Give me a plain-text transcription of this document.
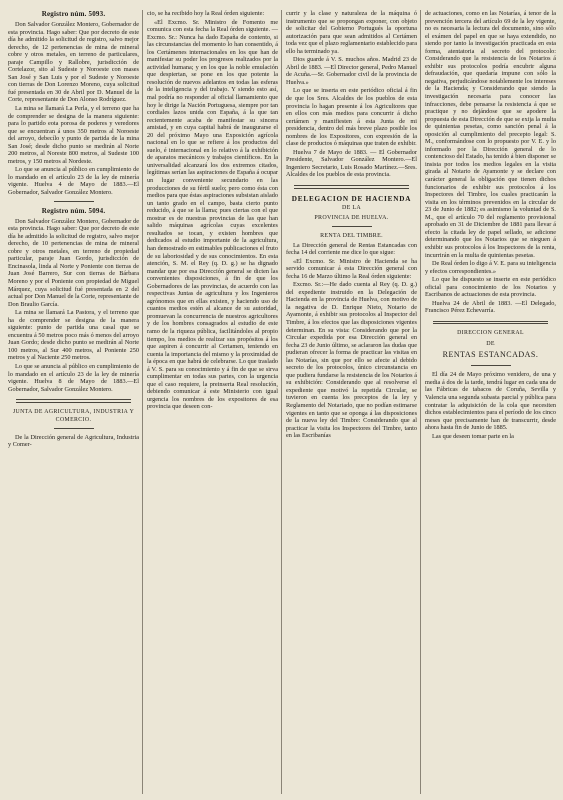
Registro núm. 5093.

Don Salvador González Montero, Gobernador de esta provincia. Hago saber: Que por decreto de este día he admitido la solicitud de registro, salvo mejor derecho, de 12 pertenencias de mina de mineral cobre y otros metales, en terreno de particulares, paraje Campillo y Rallobre, jurisdicción de Cortelazor, sito al Sudeste y Noroeste con mases San José y San Luis y por el Sudeste y Noroeste con tierras de Don Lorenzo Moreno, cuya solicitud fué presentada en 30 de Abril por D. Manuel de la Corte, representante de Don Alonso Rodríguez.

La mina se llamará La Perla, y el terreno que ha de comprender se designa de la manera siguiente: para lo partido eota porosa de poderes y veredores que se encuentran á unos 350 metros al Noroeste del arroyo, debecílo y punto de partida de la mina San José; desde dicho punto se medirán al Norte 200 metros, al Noreste 800 metros, al Sudeste 100 metros, y 150 metros al Nordeste.

Lo que se anuncia al público en cumplimiento de lo mandado en el artículo 23 de la ley de minería vigente. Huelva 4 de Mayo de 1883.—El Gobernador, Salvador González Montero.

Registro núm. 5094.

Don Salvador González Montero, Gobernador de esta provincia. Hago saber: Que por decreto de este día he admitido la solicitud de registro, salvo mejor derecho, de 10 pertenencias de mina de mineral cobre y otros metales, en terreno de propiedad particular, paraje Juan Gordo, jurisdicción de Encinasola, linda al Norte y Poniente con tierras de Juan José Barrero, Sur con tierras de Bárbara Moreno y por el Poniente con propiedad de Miguel Márquez, cuya solicitud fué presentada en 2 del actual por Don Manuel de la Corte, representante de Don Braulio García.

La mina se llamará La Pastora, y el terreno que ha de comprender se designa de la manera siguiente: punto de partida una casal que se encuentra á 50 metros poco más ó menos del arroyo Juan Gordo; desde dicho punto se medirán al Norte 100 metros, al Sur 400 metros, al Poniente 250 metros y al Naciente 250 metros.

Lo que se anuncia al público en cumplimiento de lo mandado en el artículo 23 de la ley de minería vigente. Huelva 8 de Mayo de 1883.—El Gobernador, Salvador González Montero.

JUNTA DE AGRICULTURA, INDUSTRIA Y COMERCIO.

De la Dirección general de Agricultura, Industria y Comer-

cio, se ha recibido hoy la Real órden siguiente:

«El Excmo. Sr. Ministro de Fomento me comunica con esta fecha la Real órden siguiente. — Excmo. Sr.: Nunca ha dado España de contento, si las circunstancias del momento lo han consentido, á los Certámenes internacionales en los que han de manifestar su poder los progresos realizados por la actividad humana; y en los que la noble emulación que despiertan, se pone en los que potente la resolución de nuevos adelantos en todas las esferas de la inteligencia y del trabajo. Y siendo esto así, mal podría no responder al oficial llamamiento que hoy le dirige la Nación Portuguesa, siempre por tan cordiales lazos unida con España, á la que tan recientemente acaba de manifestar su sincera amistad, y en cuya capital habrá de inaugurarse el 20 del próximo Mayo una Exposición agrícola nacional en lo que se refiere á los productos del suelo, é internacional en lo relativo á la exhibición de aparatos mecánicos y trabajos científicos. En la universalidad alcanzará los dos extremos citados, legítimas serían las aspiraciones de España á ocupar un lugar conveniente secundario en las producciones de su fértil suelo; pero como ésta con medios para que éstas aspiraciones subsistan aislado un tanto grado en el campo, basta cierto punto reducido, á que se la llama; pues ciertas con el que mostrar es de nuestras provincias de las que han salido máquinas agrícolas cuyas excelentes resultados se tocan, y existen hombres que dedicados al estudio importante de la agricultura, han demostrado en estimables publicaciones el fruto de su laboriosidad y de sus conocimientos. En esta atención, S. M. el Rey (q. D. g.) se ha dignado mandar que por esa Dirección general se dicten las convenientes disposiciones, á fin de que los Gobernadores de las provincias, de acuerdo con las respectivas Juntas de agricultura y los Ingenieros agrónomos que en ellas existen, y haciendo uso de cuantos medios estén al alcance de su autoridad, promuevan la concurrencia de nuestros agricultores y de los hombres consagrados al estudio de este ramo de la riqueza pública, facilitándoles al propio tiempo, los medios de realizar sus propósitos á los que aspiren á concurrir al Certamen, teniendo en cuenta la importancia del mismo y la proximidad de la época en que habrá de celebrarse. Lo que traslado á V. S. para su conocimiento y á fin de que se sirva cumplimentar en todas sus partes, con la urgencia que el caso requiere, la preinserta Real resolución, debiendo comunicar á este Ministerio con igual urgencia los nombres de los expositores de esa provincia que deseen con-

currir y la clase y naturaleza de la máquina ó instrumento que se propongan exponer, con objeto de solicitar del Gobierno Portugués la oportuna autorización para que sean admitidos al Certámen toda vez que el plazo reglamentario establecido para ello ha terminado ya.

Dios guarde á V. S. muchos años. Madrid 23 de Abril de 1883. —El Director general, Pedro Manuel de Acuña.—Sr. Gobernador civil de la provincia de Huelva.»

Lo que se inserta en este periódico oficial á fin de que los Sres. Alcaldes de los pueblos de esta provincia lo hagan presente á los Agricultores que en ellos con más medios para concurrir á dicho certámen y manifiesten á esta Junta de mi presidencia, dentro del más breve plazo posible los nombres de los Expositores, con expresión de la clase de productos ó máquinas que traten de exhibir.

Huelva 7 de Mayo de 1883. — El Gobernador Presidente, Salvador González Montero.—El Ingeniero Secretario, Luis Rosado Martínez.—Sres. Alcaldes de los pueblos de esta provincia.

DELEGACION DE HACIENDA

DE LA

PROVINCIA DE HUELVA.

RENTA DEL TIMBRE.

La Dirección general de Rentas Estancadas con fecha 14 del corriente me dice lo que sigue:

«El Excmo. Sr. Ministro de Hacienda se ha servido comunicar á esta Dirección general con fecha 16 de Marzo último la Real órden siguiente:

Excmo. Sr.:—He dado cuenta al Rey (q. D. g.) del expediente instruido en la Delegación de Hacienda en la provincia de Huelva, con motivo de la negativa de D. Enrique Nieto, Notario de Ayamonte, á exhibir sus protocolos al Inspector del Timbre, á los efectos que las disposiciones vigentes determinan. En su vista: Considerando que por la Circular expedida por esa Dirección general en fecha 23 de Junio último, se aclararon las dudas que pudieran ofrecer la forma de practicar las visitas en las Notarías, sin que por ello se afecte al debido secreto de los protocolos, único circunstancia en que pudiera fundarse la resistencia de los Notarios á su exhibición: Considerando que al resolverse el expediente que motivó la repetida Circular, se tuvieron en cuenta los preceptos de la ley y Reglamento del Notariado, que no podían estimarse vigentes en tanto que se oponga á las disposiciones de la nueva ley del Timbre: Considerando que al practicar la visita los Inspectores del Timbre, tanto en las Escribanías

de actuaciones, como en las Notarías, á tenor de la prevención tercera del artículo 69 de la ley vigente, no es necesaria la lectura del documento, sino sólo el exámen del papel en que se haya extendido, no siendo por tanto la investigación practicada en esta forma, atentatoria al secreto del protocolo: Considerando que la resistencia de los Notarios á exhibir sus protocolos podría encubrir alguna defraudación, que quedaría impune con sólo la negativa, perjudicándose notablemente los intereses de la Hacienda; y Considerando que siendo la investigación necesaria para conocer las infracciones, debe pensarse la resistencia á que se practique y no dejándose que se apodere la propuesta de esta Dirección de que se exija la multa de quinientas pesetas, como sanción penal á la oposición al cumplimiento del precepto legal: S. M., conformándose con lo propuesto por V. E. y lo informado por la Dirección general de lo contencioso del Estado, ha tenido á bien disponer se insista por todos los medios legales en la visita girada al Notario de Ayamonte y se declare con carácter general la obligación que tienen dichos funcionarios de exhibir sus protocolos á los Inspectores del Timbre, los cuales practicarán la visita en los términos prevenidos en la circular de 23 de Junio de 1882; es asimismo la voluntad de S. M., que el artículo 70 del reglamento provisional aprobado en 31 de Diciembre de 1881 para llevar á efecto la citada ley de papel sellado, se adicione determinando que los Notarios que se nieguen á exhibir sus protocolos á los Inspectores de la renta, incurrirán en la multa de quinientas pesetas.

De Real órden lo digo á V. E. para su inteligencia y efectos correspondientes.»

Lo que he dispuesto se inserte en este periódico oficial para conocimiento de los Notarios y Escribanos de actuaciones de esta provincia.

Huelva 24 de Abril de 1883. —El Delegado, Francisco Pérez Echevarría.

DIRECCION GENERAL

DE

RENTAS ESTANCADAS.

El día 24 de Mayo próximo venidero, de una y media á dos de la tarde, tendrá lugar en cada una de las Fábricas de tabacos de Coruña, Sevilla y Valencia una segunda subasta parcial y pública para contratar la adquisición de la cola que necesiten dichos establecimientos para el período de los cinco meses que precisamente han de transcurrir, desde ahora hasta fin de Junio de 1885.

Las que deseen tomar parte en la
